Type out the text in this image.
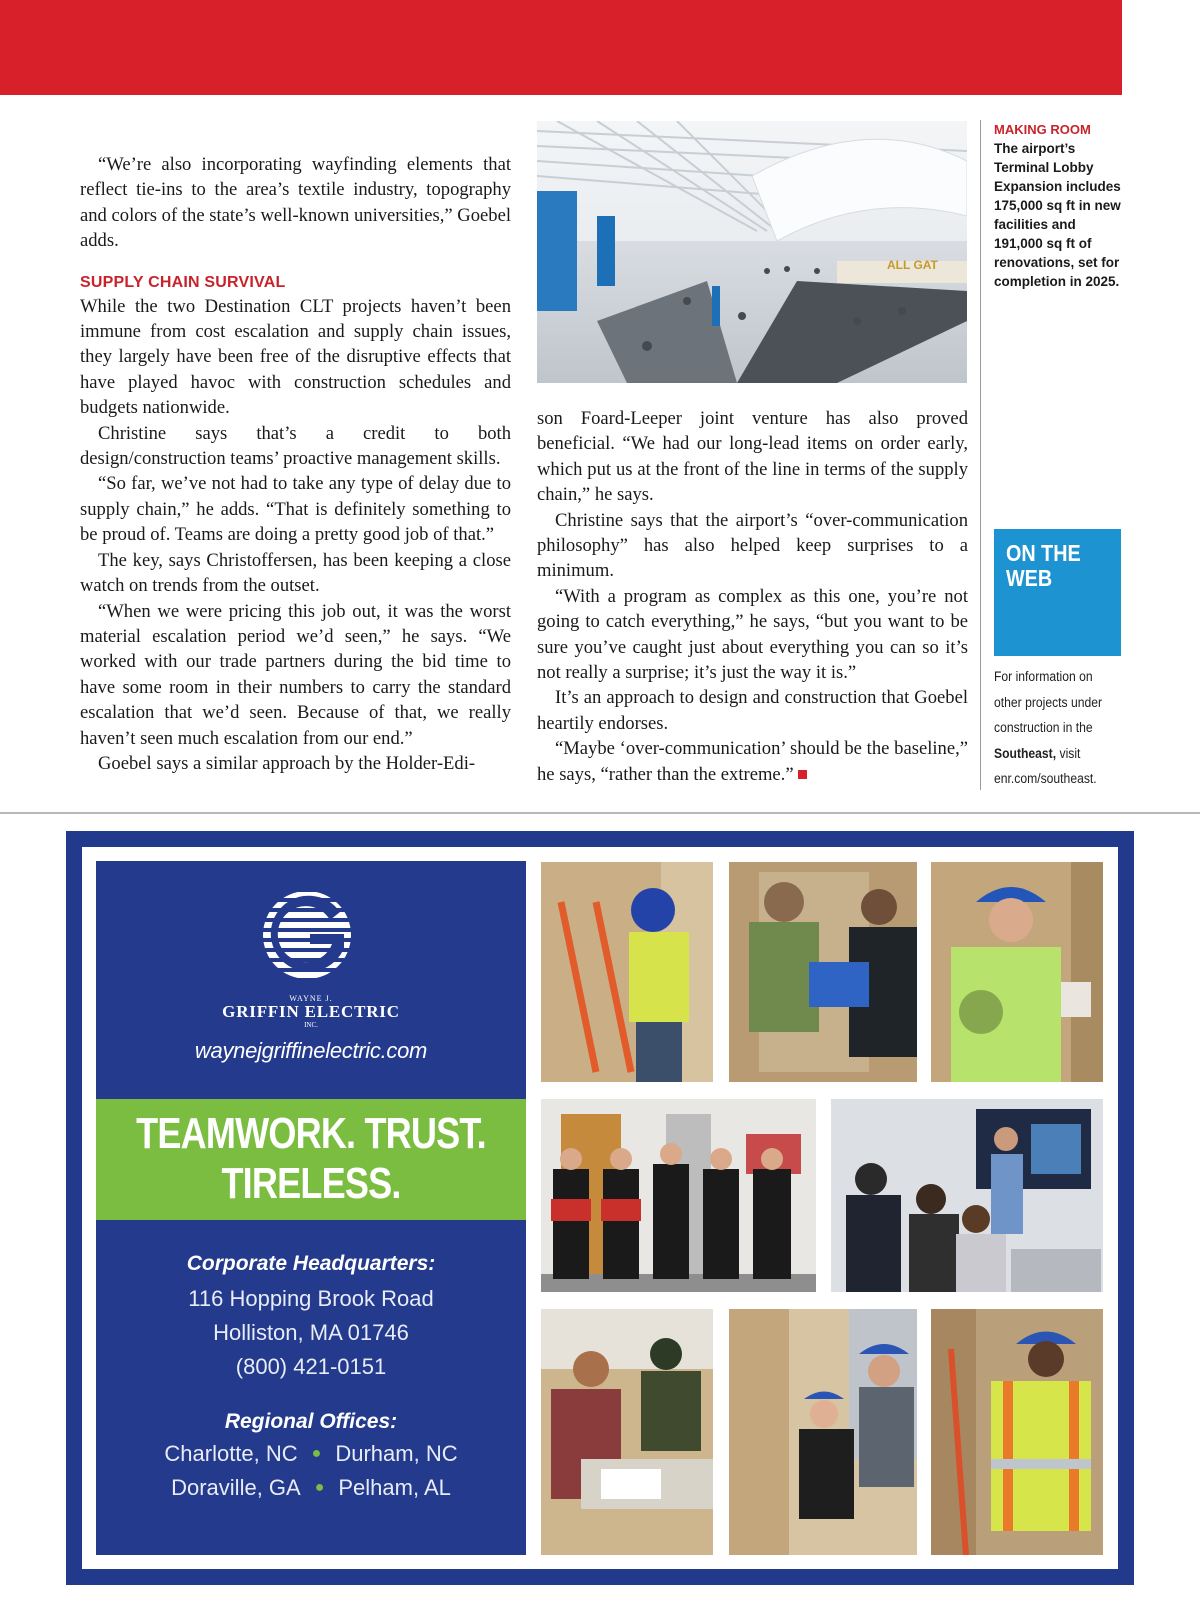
“We’re also incorporating wayfinding elements that reflect tie-ins to the area’s textile industry, topography and colors of the state’s well-known universities,” Goebel adds.

SUPPLY CHAIN SURVIVAL

While the two Destination CLT projects haven’t been immune from cost escalation and supply chain issues, they largely have been free of the disruptive effects that have played havoc with construction schedules and budgets nationwide.

Christine says that’s a credit to both design/construction teams’ proactive management skills.

“So far, we’ve not had to take any type of delay due to supply chain,” he adds. “That is definitely something to be proud of. Teams are doing a pretty good job of that.”

The key, says Christoffersen, has been keeping a close watch on trends from the outset.

“When we were pricing this job out, it was the worst material escalation period we’d seen,” he says. “We worked with our trade partners during the bid time to have some room in their numbers to carry the standard escalation that we’d seen. Because of that, we really haven’t seen much escalation from our end.”

Goebel says a similar approach by the Holder-Edi-

ALL GAT

son Foard-Leeper joint venture has also proved beneficial. “We had our long-lead items on order early, which put us at the front of the line in terms of the supply chain,” he says.

Christine says that the airport’s “over-communication philosophy” has also helped keep surprises to a minimum.

“With a program as complex as this one, you’re not going to catch everything,” he says, “but you want to be sure you’ve caught just about everything you can so it’s not really a surprise; it’s just the way it is.”

It’s an approach to design and construction that Goebel heartily endorses.

“Maybe ‘over-communication’ should be the baseline,” he says, “rather than the extreme.”

MAKING ROOM
The airport’s Terminal Lobby Expansion includes 175,000 sq ft in new facilities and 191,000 sq ft of renovations, set for completion in 2025.
ON THE
WEB
For information on other projects under construction in the Southeast, visit enr.com/southeast.
WAYNE J.
GRIFFIN ELECTRIC
INC.
waynejgriffinelectric.com
TEAMWORK. TRUST.
TIRELESS.
Corporate Headquarters:
116 Hopping Brook Road
Holliston, MA 01746
(800) 421-0151
Regional Offices:
Charlotte, NC ● Durham, NC
Doraville, GA ● Pelham, AL
